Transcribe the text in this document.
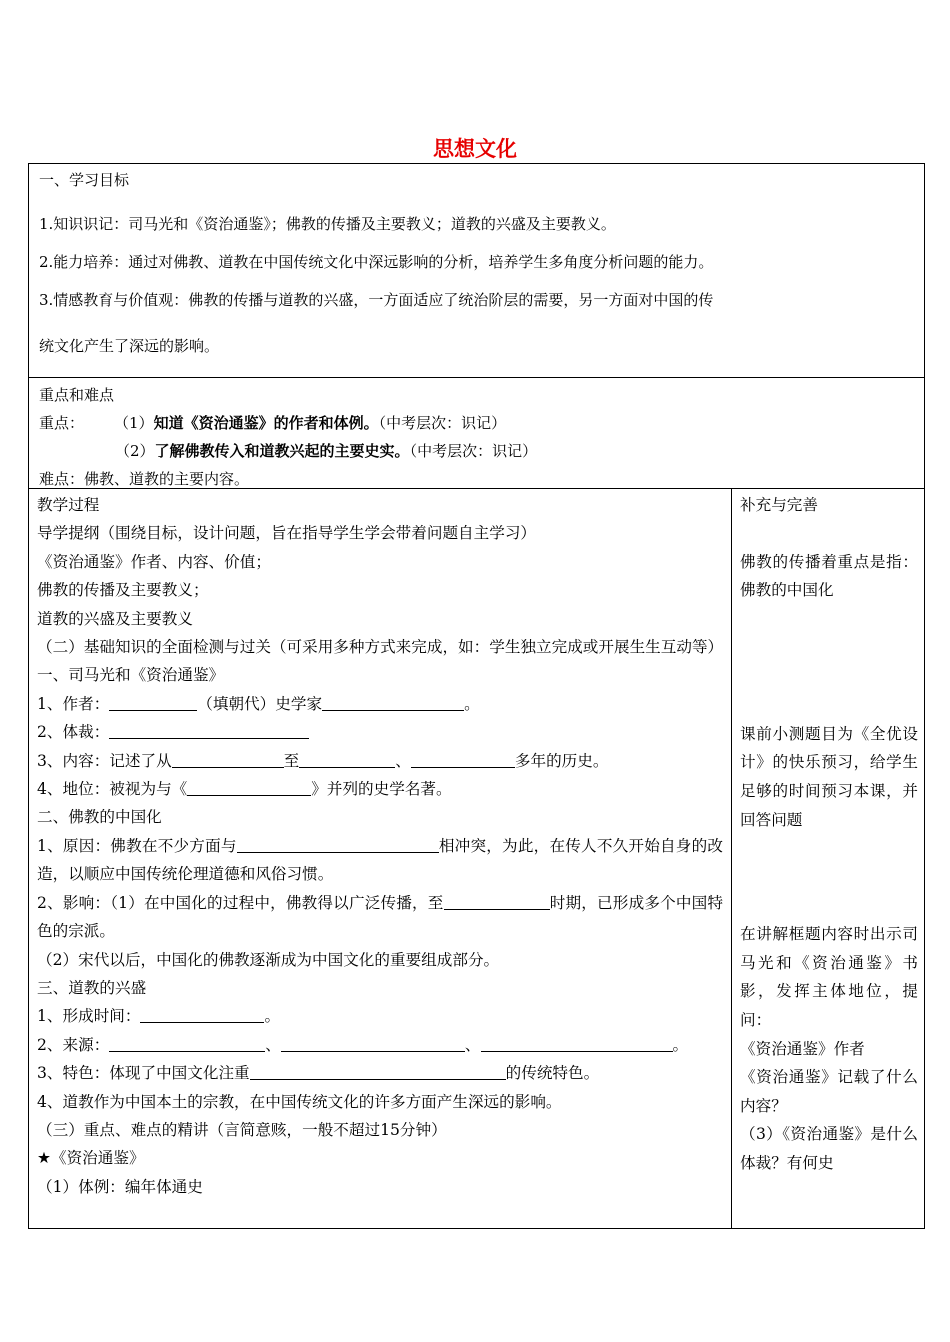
思想文化
一、学习目标
1.知识识记：司马光和《资治通鉴》；佛教的传播及主要教义；道教的兴盛及主要教义。
2.能力培养：通过对佛教、道教在中国传统文化中深远影响的分析，培养学生多角度分析问题的能力。
3.情感教育与价值观：佛教的传播与道教的兴盛，一方面适应了统治阶层的需要，另一方面对中国的传
统文化产生了深远的影响。
重点和难点
重点： （1）知道《资治通鉴》的作者和体例。（中考层次：识记）
（2）了解佛教传入和道教兴起的主要史实。（中考层次：识记）
难点：佛教、道教的主要内容。
教学过程
导学提纲（围绕目标，设计问题，旨在指导学生学会带着问题自主学习）
《资治通鉴》作者、内容、价值；
佛教的传播及主要教义；
道教的兴盛及主要教义
（二）基础知识的全面检测与过关（可采用多种方式来完成，如：学生独立完成或开展生生互动等）
一、司马光和《资治通鉴》
1、作者：	（填朝代）史学家	。
2、体裁：
3、内容：记述了从	至	、	多年的历史。
4、地位：被视为与《	》并列的史学名著。
二、佛教的中国化
1、原因：佛教在不少方面与	相冲突，为此，在传人不久开始自身的改造，以顺应中国传统伦理道德和风俗习惯。
2、影响：（1）在中国化的过程中，佛教得以广泛传播，至	时期，已形成多个中国特色的宗派。
（2）宋代以后，中国化的佛教逐渐成为中国文化的重要组成部分。
三、道教的兴盛
1、形成时间：	。
2、来源：	、	、	。
3、特色：体现了中国文化注重	的传统特色。
4、道教作为中国本土的宗教，在中国传统文化的许多方面产生深远的影响。
（三）重点、难点的精讲（言简意赅，一般不超过15分钟）
★《资治通鉴》
（1）体例：编年体通史
补充与完善
佛教的传播着重点是指：佛教的中国化
课前小测题目为《全优设计》的快乐预习，给学生足够的时间预习本课，并回答问题
在讲解框题内容时出示司马光和《资治通鉴》书影，发挥主体地位，提问：
《资治通鉴》作者
《资治通鉴》记载了什么内容？
（3）《资治通鉴》是什么体裁？有何史
